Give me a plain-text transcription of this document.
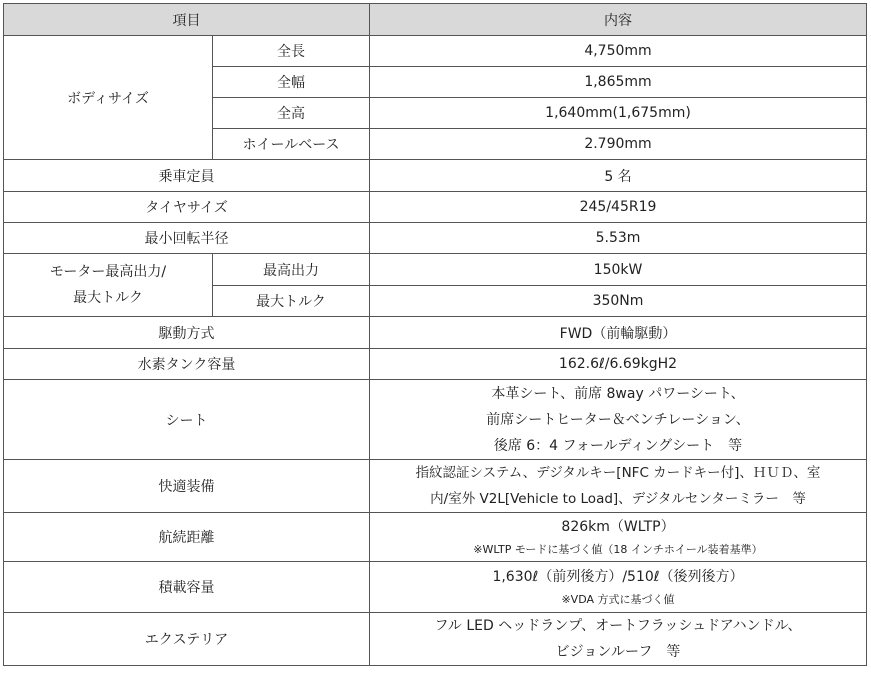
項目		内容
ボディサイズ	全長	4,750mm
	全幅	1,865mm
	全高	1,640mm(1,675mm)
	ホイールベース	2.790mm
乗車定員		5 名
タイヤサイズ		245/45R19
最小回転半径		5.53m

モーター最高出力/
最大トルク	最高出力	150kW
	最大トルク	350Nm
駆動方式		FWD（前輪駆動）
水素タンク容量		162.6ℓ/6.69kgH2
シート		本革シート、前席 8way パワーシート、
前席シートヒーター＆ベンチレーション、
後席 6：4 フォールディングシート　等

快適装備		指紋認証システム、デジタルキー[NFC カードキー付]、ＨＵＤ、室
内/室外 V2L[Vehicle to Load]、デジタルセンターミラー　等

航続距離		826km（WLTP）
※WLTP モードに基づく値（18 インチホイール装着基準）

積載容量		1,630ℓ（前列後方）/510ℓ（後列後方）
※VDA 方式に基づく値

エクステリア		フル LED ヘッドランプ、オートフラッシュドアハンドル、
ビジョンルーフ　等
